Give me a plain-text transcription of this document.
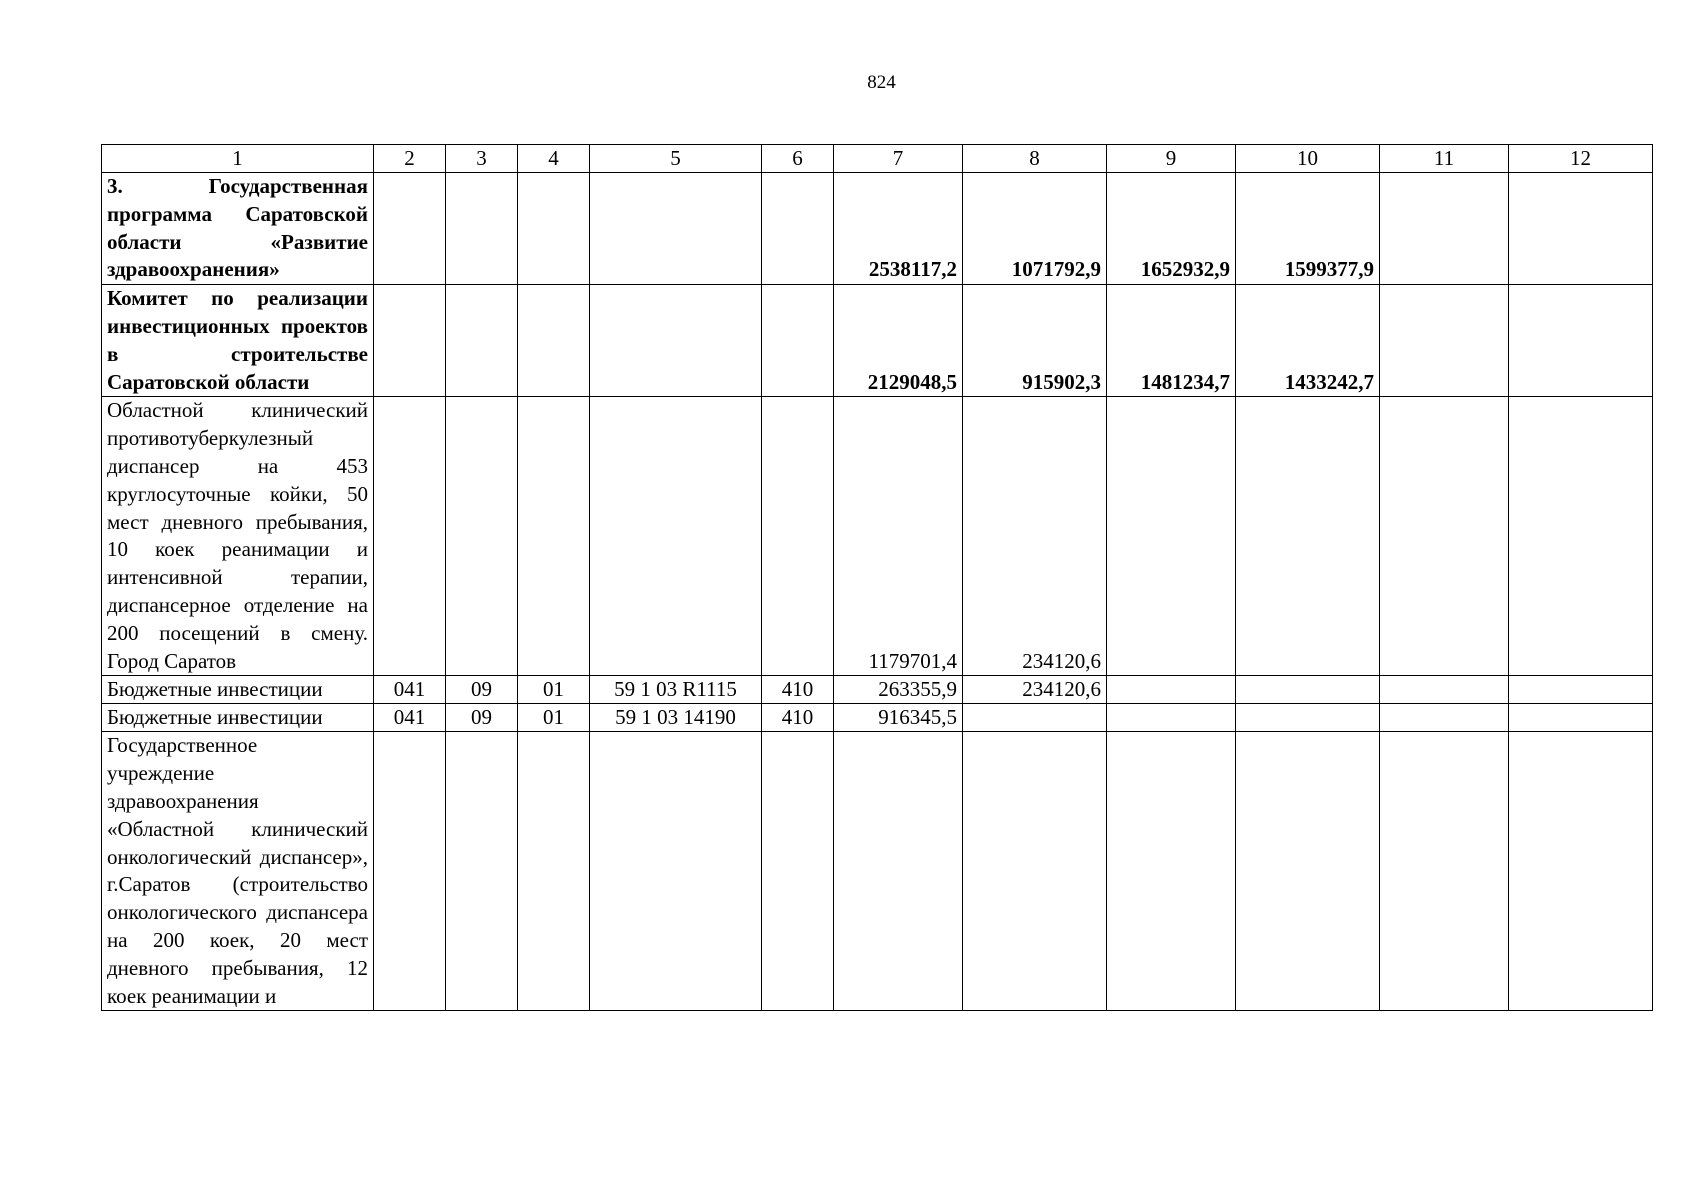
824
1	2	3	4	5	6	7	8	9	10	11	12
3. Государственная программа Саратовской области «Развитие здравоохранения»						2538117,2	1071792,9	1652932,9	1599377,9		
Комитет по реализации инвестиционных проектов в строительстве Саратовской области						2129048,5	915902,3	1481234,7	1433242,7		
Областной клинический противотуберкулезный диспансер на 453 круглосуточные койки, 50 мест дневного пребывания, 10 коек реанимации и интенсивной терапии, диспансерное отделение на 200 посещений в смену. Город Саратов						1179701,4	234120,6				
Бюджетные инвестиции	041	09	01	59 1 03 R1115	410	263355,9	234120,6				
Бюджетные инвестиции	041	09	01	59 1 03 14190	410	916345,5					
Государственное учреждение здравоохранения «Областной клинический онкологический диспансер», г.Саратов (строительство онкологического диспансера на 200 коек, 20 мест дневного пребывания, 12 коек реанимации и											
